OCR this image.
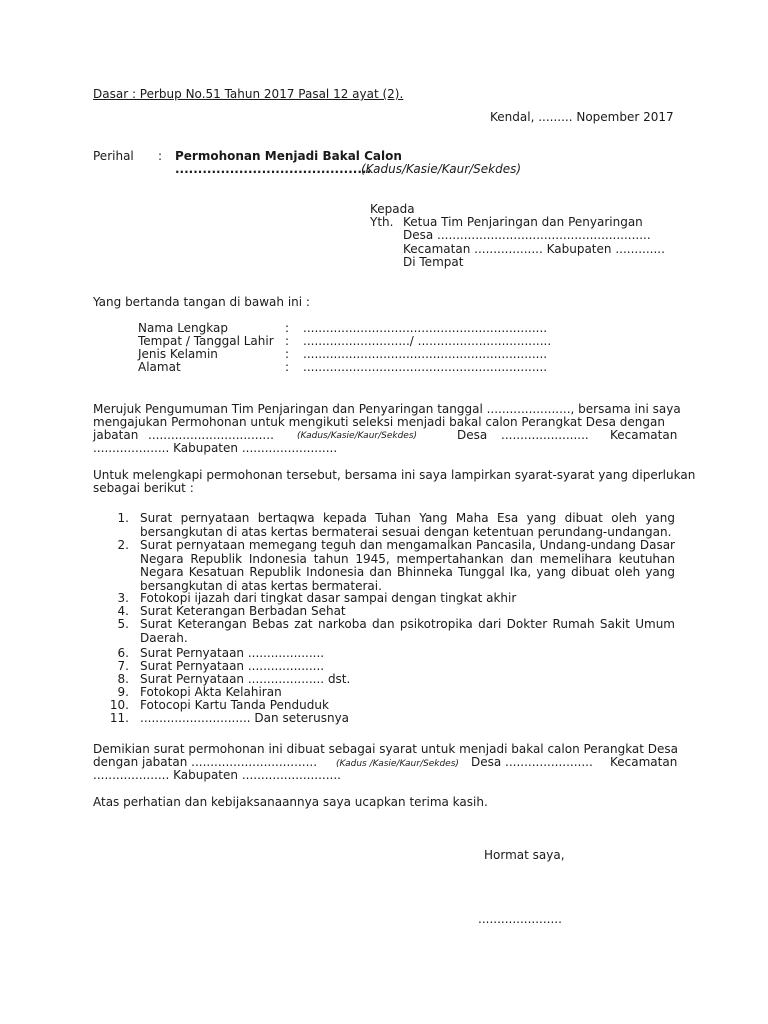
Dasar : Perbup No.51 Tahun 2017 Pasal 12 ayat (2).
Kendal, ......... Nopember 2017
Perihal : Permohonan Menjadi Bakal Calon
...........................................
(Kadus/Kasie/Kaur/Sekdes)
Kepada
Yth. Ketua Tim Penjaringan dan Penyaringan
Desa ........................................................
Kecamatan .................. Kabupaten .............
Di Tempat
Yang bertanda tangan di bawah ini :
Nama Lengkap	: ................................................................
Tempat / Tanggal Lahir : ............................/ ...................................
Jenis Kelamin	: ................................................................
Alamat	: ................................................................
Merujuk Pengumuman Tim Penjaringan dan Penyaringan tanggal ......................, bersama ini saya
mengajukan Permohonan untuk mengikuti seleksi menjadi bakal calon Perangkat Desa dengan
jabatan .................................	(Kadus/Kasie/Kaur/Sekdes)	Desa ....................... Kecamatan
.................... Kabupaten .........................
Untuk melengkapi permohonan tersebut, bersama ini saya lampirkan syarat-syarat yang diperlukan
sebagai berikut :
1. Surat pernyataan bertaqwa kepada Tuhan Yang Maha Esa yang dibuat oleh yang bersangkutan di atas kertas bermaterai sesuai dengan ketentuan perundang-undangan.
2. Surat pernyataan memegang teguh dan mengamalkan Pancasila, Undang-undang Dasar Negara Republik Indonesia tahun 1945, mempertahankan dan memelihara keutuhan Negara Kesatuan Republik Indonesia dan Bhinneka Tunggal Ika, yang dibuat oleh yang bersangkutan di atas kertas bermaterai.
3. Fotokopi ijazah dari tingkat dasar sampai dengan tingkat akhir
4. Surat Keterangan Berbadan Sehat
5. Surat Keterangan Bebas zat narkoba dan psikotropika dari Dokter Rumah Sakit Umum Daerah.
6. Surat Pernyataan ....................
7. Surat Pernyataan ....................
8. Surat Pernyataan .................... dst.
9. Fotokopi Akta Kelahiran
10. Fotocopi Kartu Tanda Penduduk
11. ............................. Dan seterusnya
Demikian surat permohonan ini dibuat sebagai syarat untuk menjadi bakal calon Perangkat Desa
dengan jabatan ................................. (Kadus /Kasie/Kaur/Sekdes) Desa ....................... Kecamatan
.................... Kabupaten ..........................
Atas perhatian dan kebijaksanaannya saya ucapkan terima kasih.
Hormat saya,
......................
